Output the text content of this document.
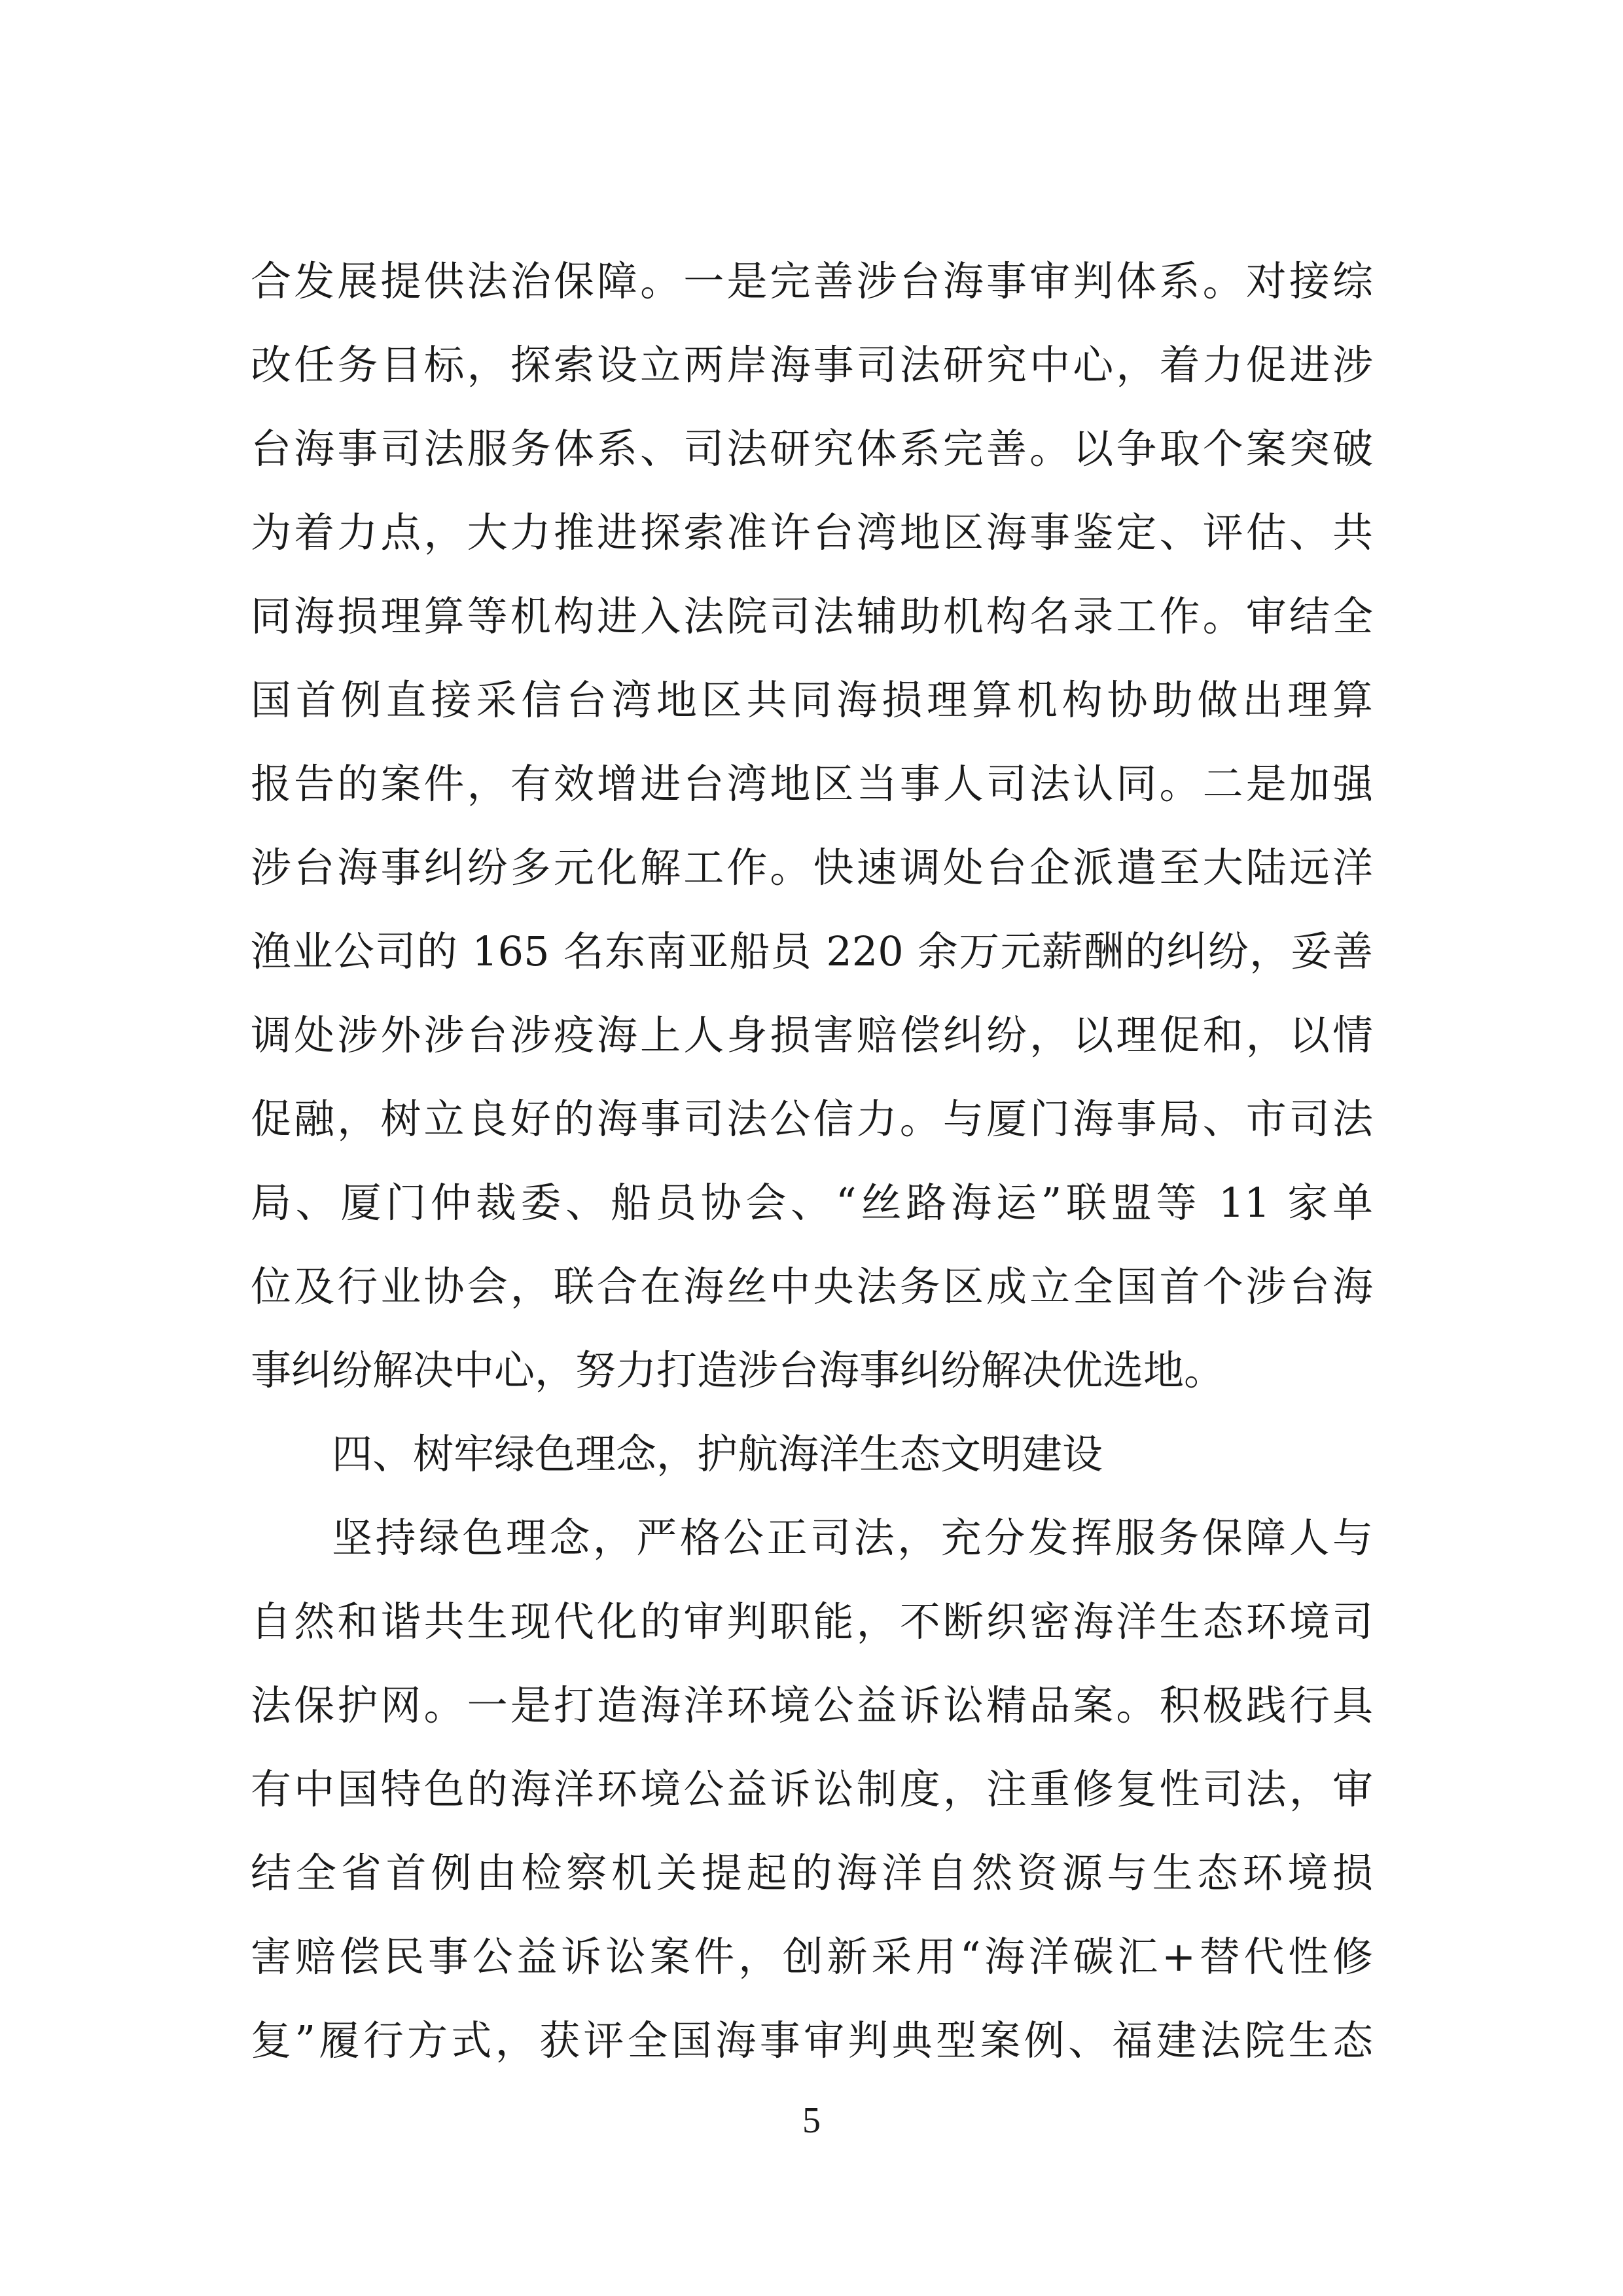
合发展提供法治保障。一是完善涉台海事审判体系。对接综
改任务目标，探索设立两岸海事司法研究中心，着力促进涉
台海事司法服务体系、司法研究体系完善。以争取个案突破
为着力点，大力推进探索准许台湾地区海事鉴定、评估、共
同海损理算等机构进入法院司法辅助机构名录工作。审结全
国首例直接采信台湾地区共同海损理算机构协助做出理算
报告的案件，有效增进台湾地区当事人司法认同。二是加强
涉台海事纠纷多元化解工作。快速调处台企派遣至大陆远洋
渔业公司的 165 名东南亚船员 220 余万元薪酬的纠纷，妥善
调处涉外涉台涉疫海上人身损害赔偿纠纷，以理促和，以情
促融，树立良好的海事司法公信力。与厦门海事局、市司法
局、厦门仲裁委、船员协会、“丝路海运”联盟等 11 家单
位及行业协会，联合在海丝中央法务区成立全国首个涉台海
事纠纷解决中心，努力打造涉台海事纠纷解决优选地。
四、树牢绿色理念，护航海洋生态文明建设
坚持绿色理念，严格公正司法，充分发挥服务保障人与
自然和谐共生现代化的审判职能，不断织密海洋生态环境司
法保护网。一是打造海洋环境公益诉讼精品案。积极践行具
有中国特色的海洋环境公益诉讼制度，注重修复性司法，审
结全省首例由检察机关提起的海洋自然资源与生态环境损
害赔偿民事公益诉讼案件，创新采用“海洋碳汇+替代性修
复”履行方式，获评全国海事审判典型案例、福建法院生态
5
